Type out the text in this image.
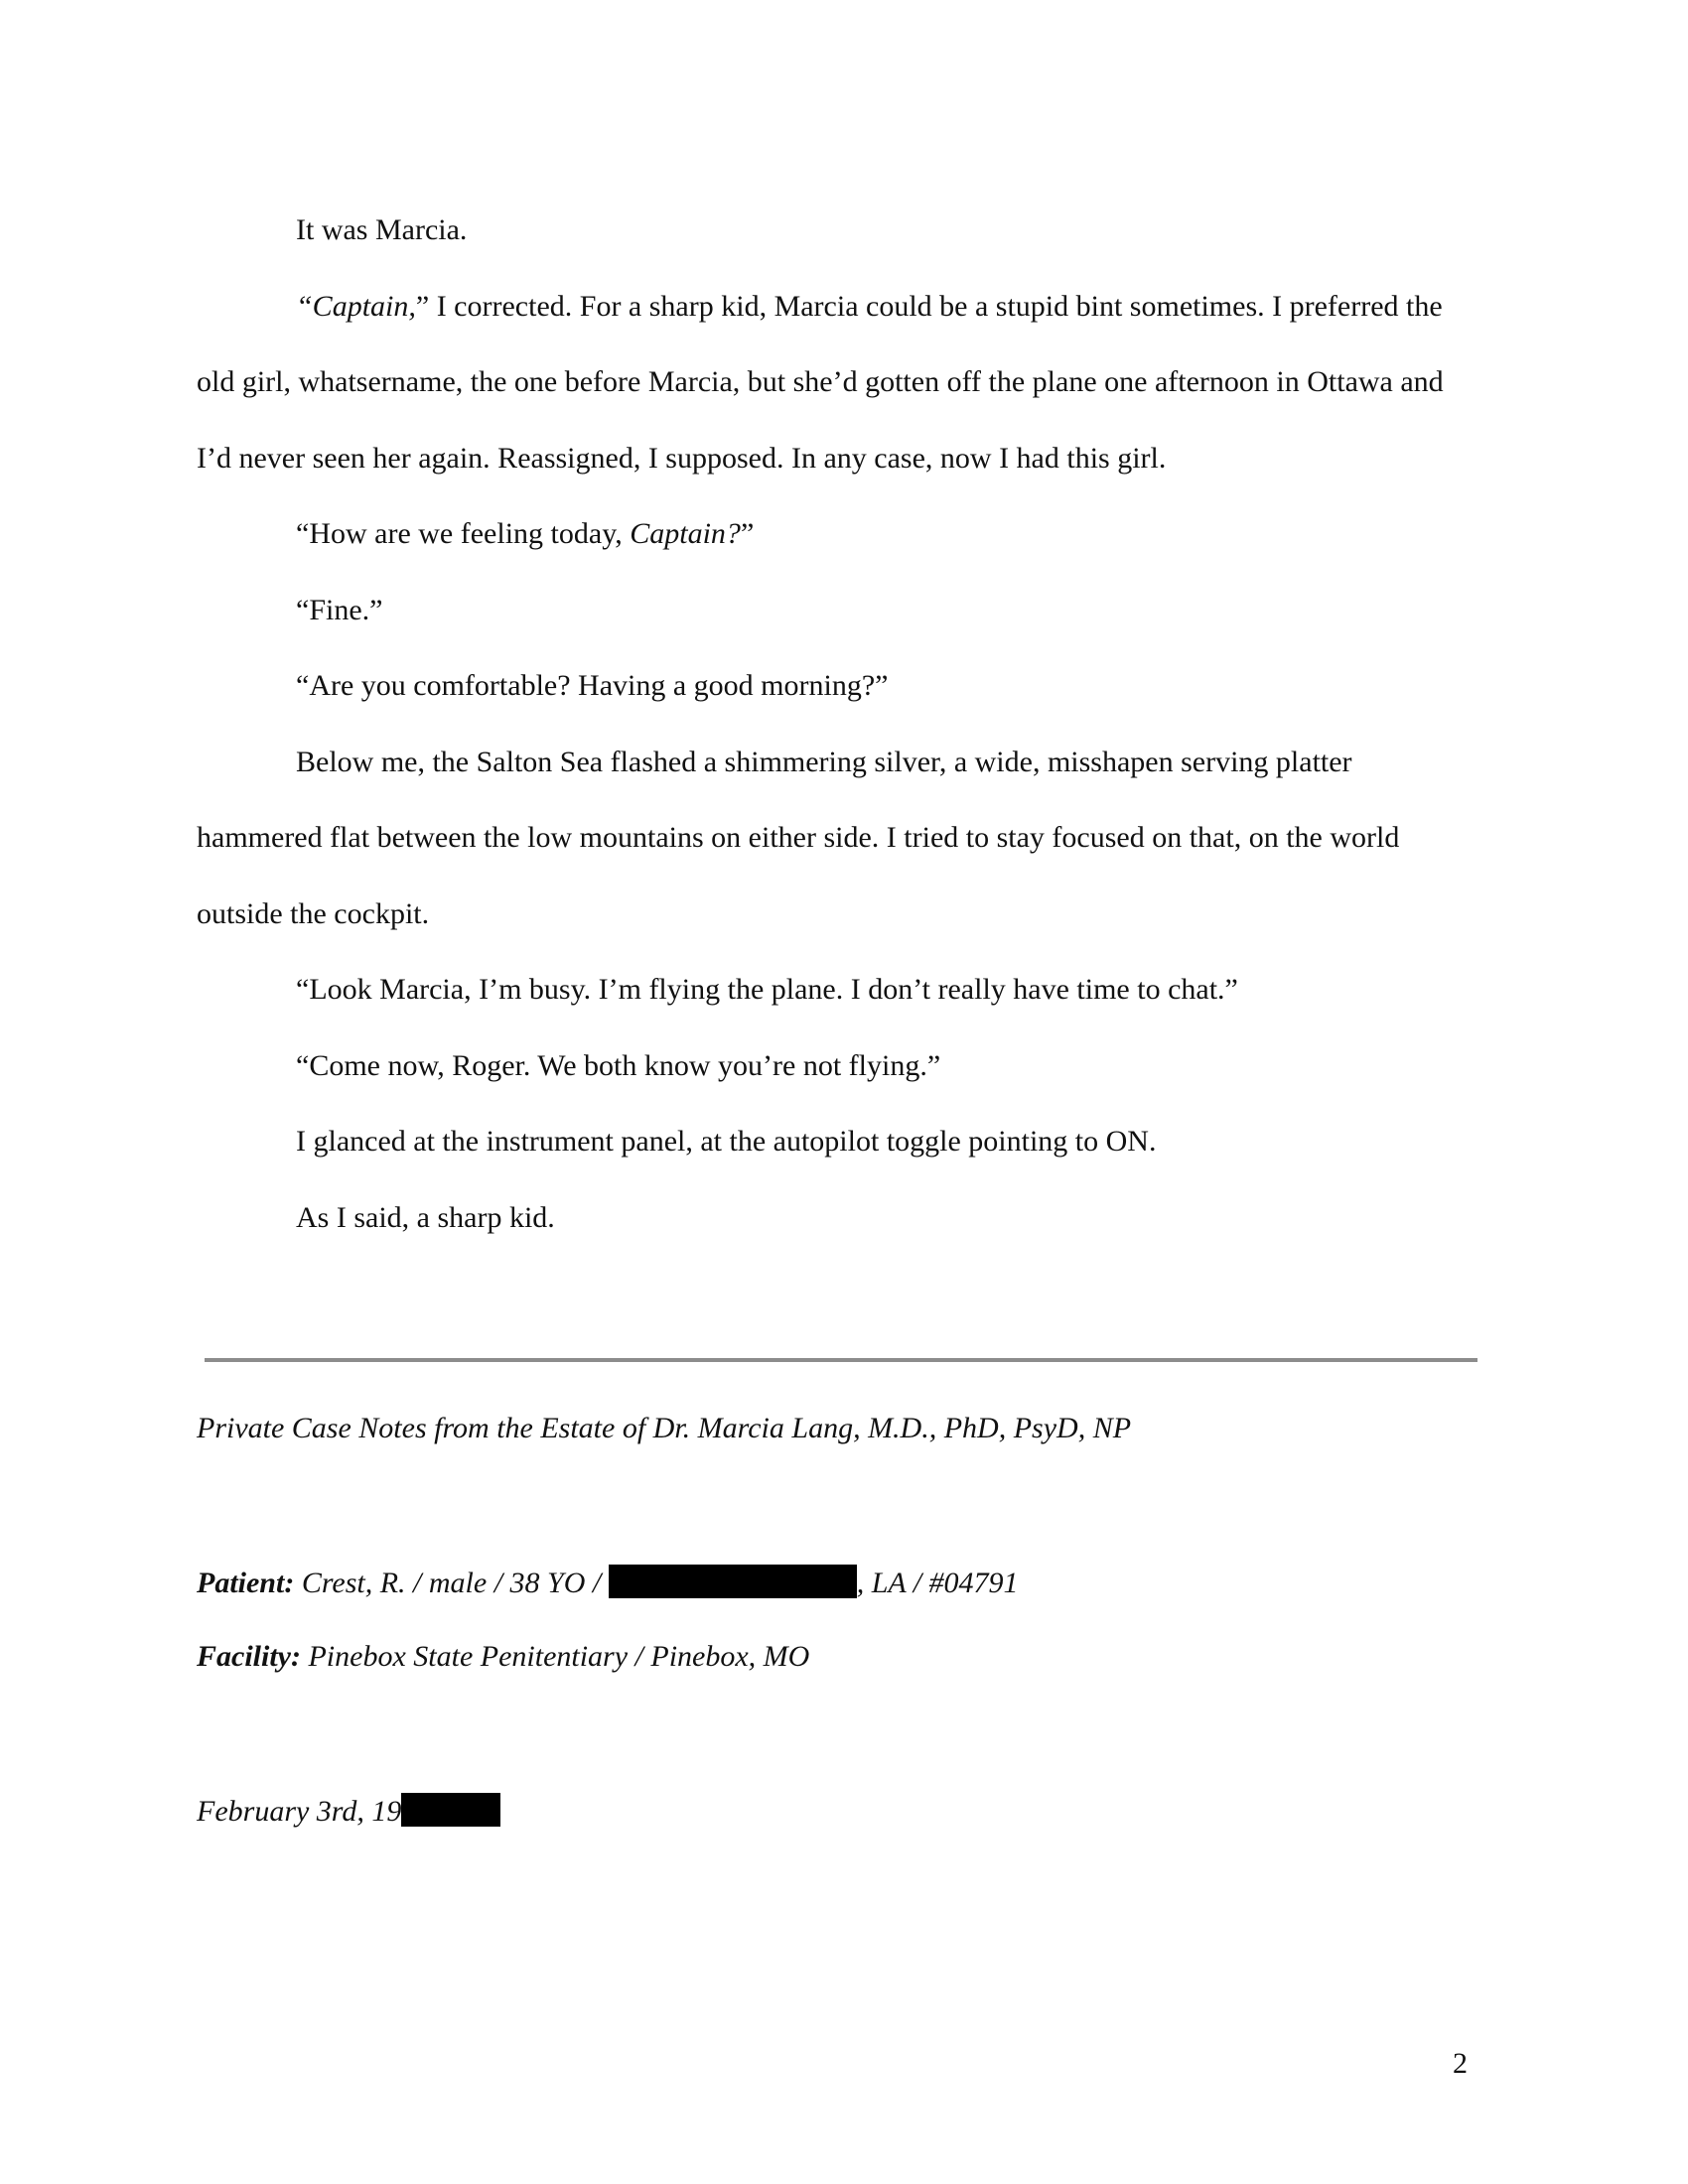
It was Marcia.

“Captain,” I corrected. For a sharp kid, Marcia could be a stupid bint sometimes. I preferred the old girl, whatsername, the one before Marcia, but she’d gotten off the plane one afternoon in Ottawa and I’d never seen her again. Reassigned, I supposed. In any case, now I had this girl.

“How are we feeling today, Captain?”

“Fine.”

“Are you comfortable? Having a good morning?”

Below me, the Salton Sea flashed a shimmering silver, a wide, misshapen serving platter hammered flat between the low mountains on either side. I tried to stay focused on that, on the world outside the cockpit.

“Look Marcia, I’m busy. I’m flying the plane. I don’t really have time to chat.”

“Come now, Roger. We both know you’re not flying.”

I glanced at the instrument panel, at the autopilot toggle pointing to ON.

As I said, a sharp kid.

Private Case Notes from the Estate of Dr. Marcia Lang, M.D., PhD, PsyD, NP
Patient: Crest, R. / male / 38 YO /	, LA / #04791
Facility: Pinebox State Penitentiary / Pinebox, MO
February 3rd, 19
2
